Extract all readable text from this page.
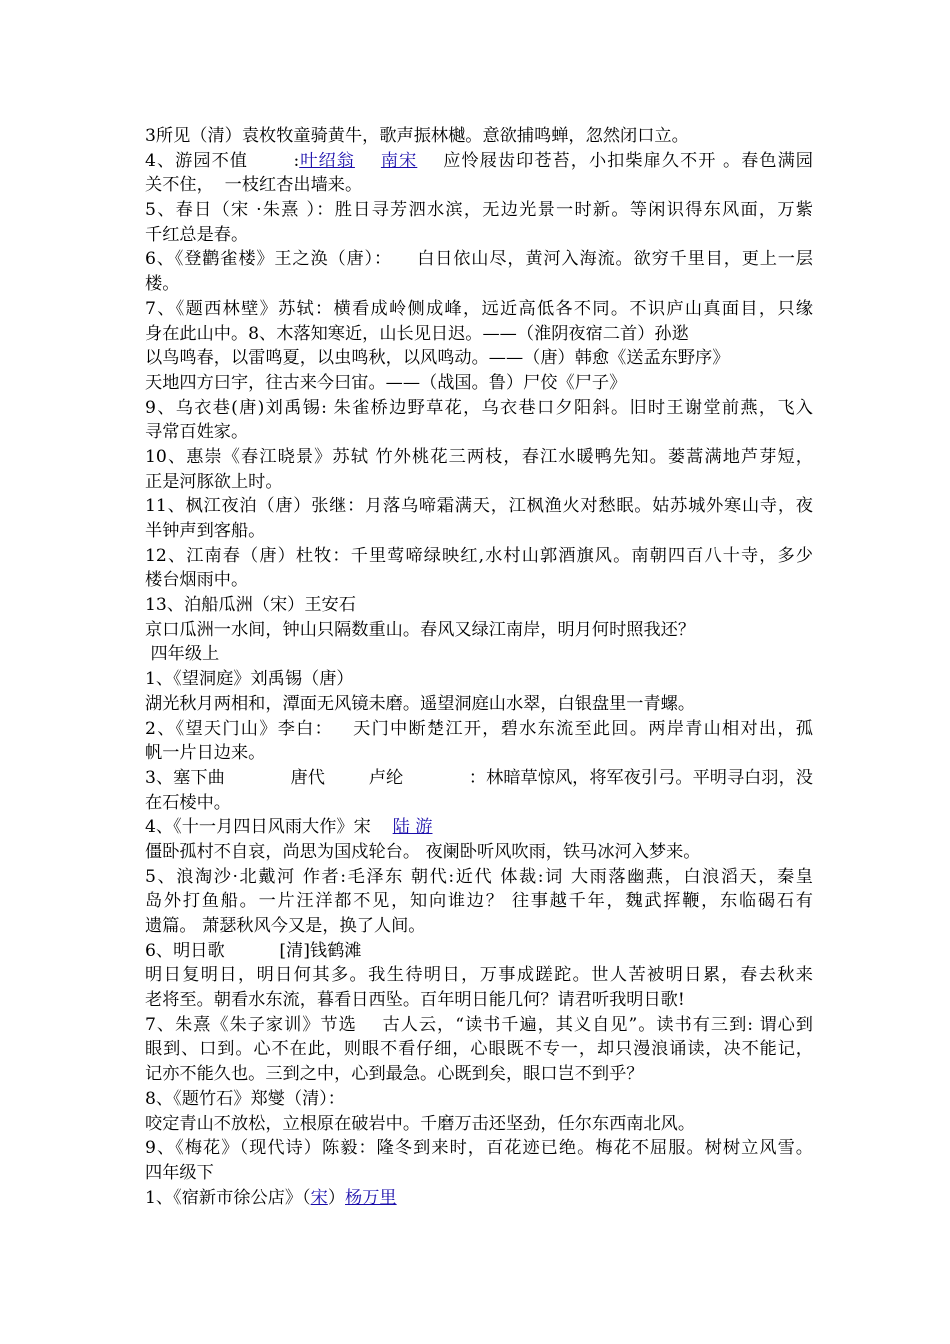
3所见（清）袁枚牧童骑黄牛，歌声振林樾。意欲捕鸣蝉，忽然闭口立。
4、游园不值       :叶绍翁 南宋    应怜屐齿印苍苔，小扣柴扉久不开 。春色满园
关不住，  一枝红杏出墙来。
5、春日（宋 ·朱熹 ）：胜日寻芳泗水滨，无边光景一时新。等闲识得东风面，万紫
千红总是春。
6、《登鹳雀楼》王之涣（唐）：    白日依山尽，黄河入海流。欲穷千里目，更上一层
楼。
7、《题西林壁》苏轼：横看成岭侧成峰，远近高低各不同。不识庐山真面目，只缘
身在此山中。8、木落知寒近，山长见日迟。——（淮阴夜宿二首）孙逖
以鸟鸣春，以雷鸣夏，以虫鸣秋，以风鸣动。——（唐）韩愈《送孟东野序》
天地四方曰宇，往古来今曰宙。——（战国。鲁）尸佼《尸子》
9、乌衣巷(唐)刘禹锡: 朱雀桥边野草花，乌衣巷口夕阳斜。旧时王谢堂前燕，飞入
寻常百姓家。
10、惠崇《春江晓景》苏轼 竹外桃花三两枝，春江水暖鸭先知。蒌蒿满地芦芽短，
正是河豚欲上时。
11、枫江夜泊（唐）张继：月落乌啼霜满天，江枫渔火对愁眠。姑苏城外寒山寺，夜
半钟声到客船。
12、江南春（唐）杜牧：千里莺啼绿映红,水村山郭酒旗风。南朝四百八十寺，多少
楼台烟雨中。
13、泊船瓜洲（宋）王安石
京口瓜洲一水间，钟山只隔数重山。春风又绿江南岸，明月何时照我还？
四年级上
1、《望洞庭》刘禹锡（唐）
湖光秋月两相和，潭面无风镜未磨。遥望洞庭山水翠，白银盘里一青螺。
2、《望天门山》李白：   天门中断楚江开，碧水东流至此回。两岸青山相对出，孤
帆一片日边来。
3、塞下曲            唐代        卢纶            ：林暗草惊风，将军夜引弓。平明寻白羽，没
在石棱中。
4、《十一月四日风雨大作》宋    陆 游
僵卧孤村不自哀，尚思为国戍轮台。 夜阑卧听风吹雨，铁马冰河入梦来。
5、浪淘沙·北戴河 作者:毛泽东 朝代:近代 体裁:词 大雨落幽燕，白浪滔天，秦皇
岛外打鱼船。一片汪洋都不见，知向谁边？ 往事越千年，魏武挥鞭，东临碣石有
遗篇。 萧瑟秋风今又是，换了人间。
6、明日歌          [清]钱鹤滩
明日复明日，明日何其多。我生待明日，万事成蹉跎。世人苦被明日累，春去秋来
老将至。朝看水东流，暮看日西坠。百年明日能几何？请君听我明日歌!
7、朱熹《朱子家训》节选    古人云，“读书千遍，其义自见”。读书有三到: 谓心到
眼到、口到。心不在此，则眼不看仔细，心眼既不专一，却只漫浪诵读，决不能记，
记亦不能久也。三到之中，心到最急。心既到矣，眼口岂不到乎？
8、《题竹石》郑燮（清）：
咬定青山不放松，立根原在破岩中。千磨万击还坚劲，任尔东西南北风。
9、《梅花》（现代诗）陈毅：隆冬到来时，百花迹已绝。梅花不屈服。树树立风雪。
四年级下
1、《宿新市徐公店》（宋）杨万里
